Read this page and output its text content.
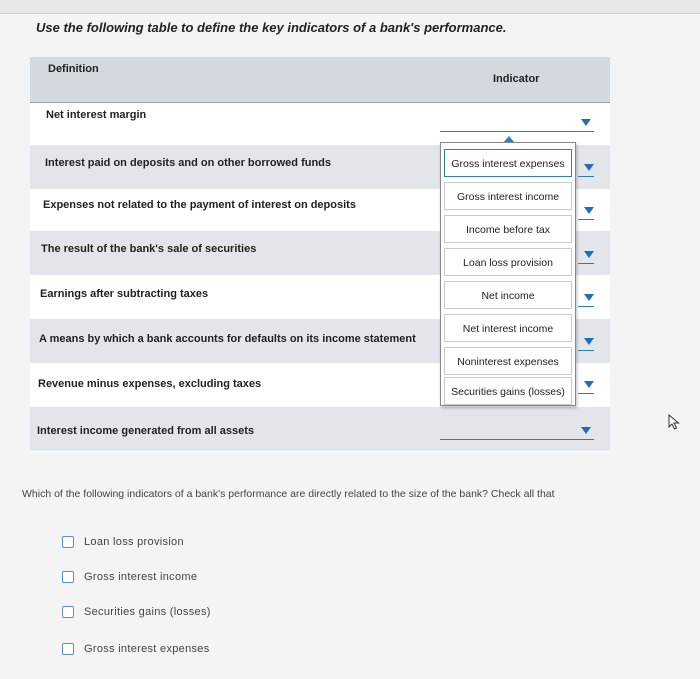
Use the following table to define the key indicators of a bank's performance.
Definition
Indicator
Net interest margin
Interest paid on deposits and on other borrowed funds
Expenses not related to the payment of interest on deposits
The result of the bank's sale of securities
Earnings after subtracting taxes
A means by which a bank accounts for defaults on its income statement
Revenue minus expenses, excluding taxes
Interest income generated from all assets
Gross interest expenses
Gross interest income
Income before tax
Loan loss provision
Net income
Net interest income
Noninterest expenses
Securities gains (losses)
Which of the following indicators of a bank's performance are directly related to the size of the bank? Check all that
Loan loss provision
Gross interest income
Securities gains (losses)
Gross interest expenses
